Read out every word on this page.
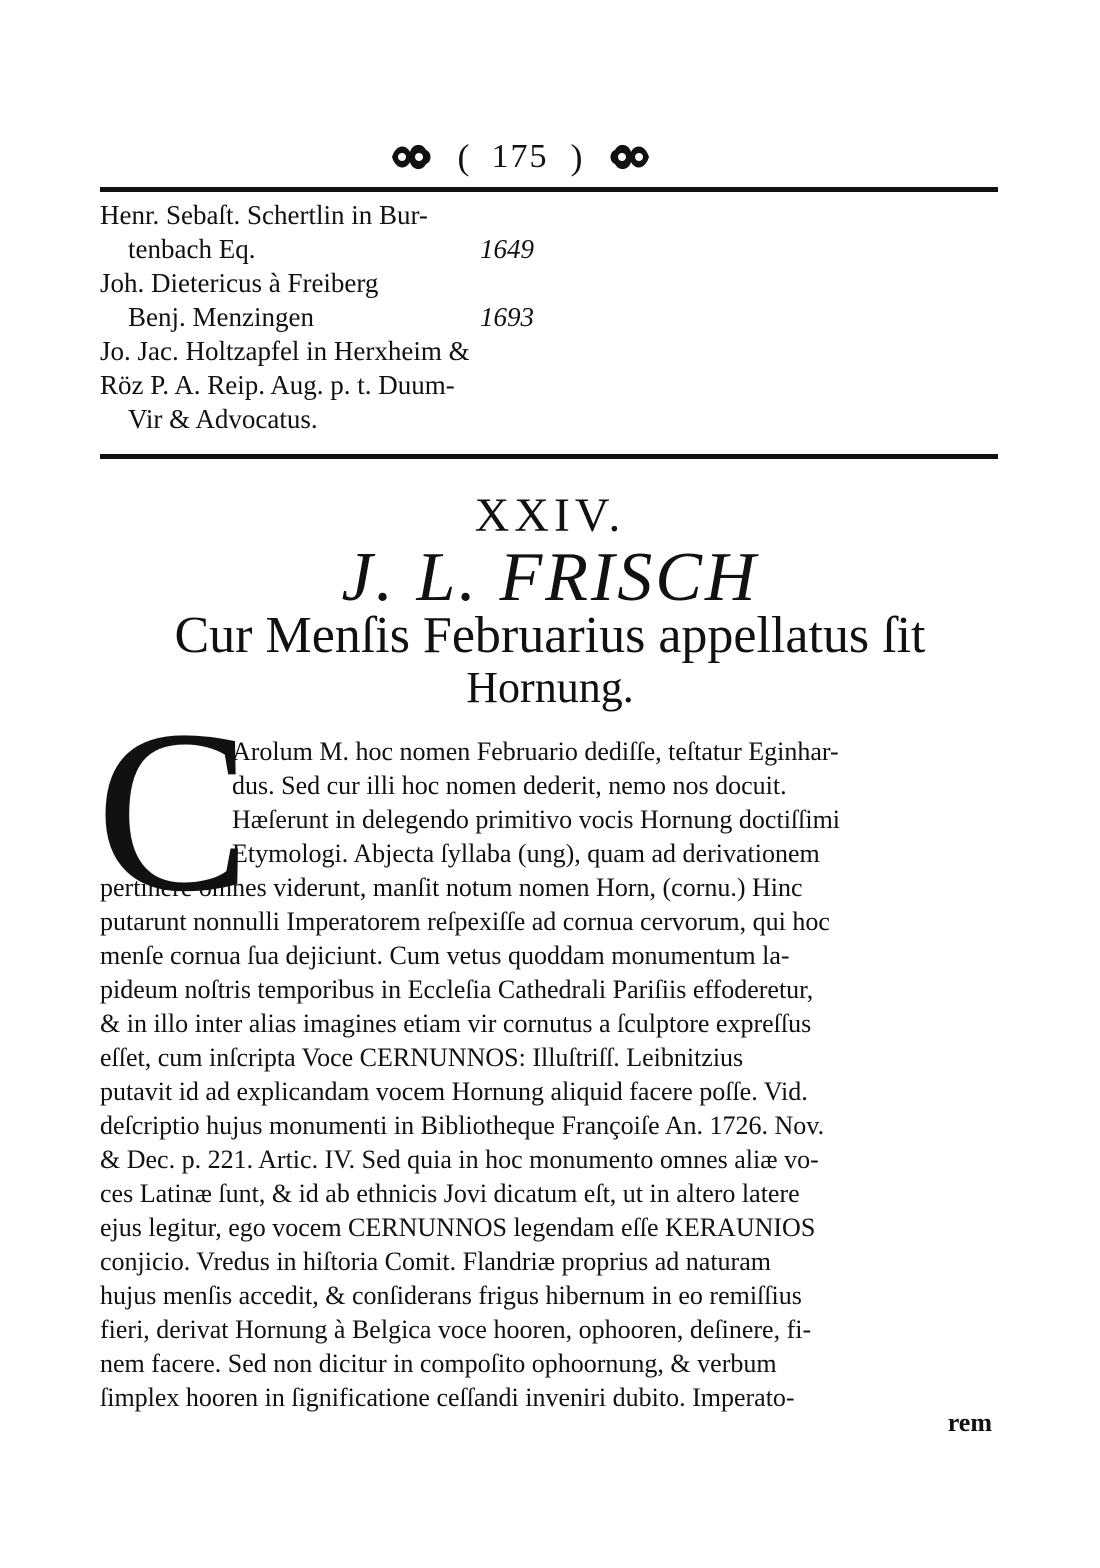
( 175 )
Henr. Sebaſt. Schertlin in Bur-
tenbach Eq.	1649
Joh. Dietericus à Freiberg
Benj. Menzingen	1693
Jo. Jac. Holtzapfel in Herxheim &
Röz P. A. Reip. Aug. p. t. Duum-
Vir & Advocatus.
XXIV.
J. L. FRISCH
Cur Menſis Februarius appellatus ſit
Hornung.
C
Arolum M. hoc nomen Februario dediſſe, teſtatur Eginhar-
dus. Sed cur illi hoc nomen dederit, nemo nos docuit.
Hæſerunt in delegendo primitivo vocis Hornung doctiſſimi
Etymologi. Abjecta ſyllaba (ung), quam ad derivationem
pertinere omnes viderunt, manſit notum nomen Horn, (cornu.) Hinc
putarunt nonnulli Imperatorem reſpexiſſe ad cornua cervorum, qui hoc
menſe cornua ſua dejiciunt. Cum vetus quoddam monumentum la-
pideum noſtris temporibus in Eccleſia Cathedrali Pariſiis effoderetur,
& in illo inter alias imagines etiam vir cornutus a ſculptore expreſſus
eſſet, cum inſcripta Voce CERNUNNOS: Illuſtriſſ. Leibnitzius
putavit id ad explicandam vocem Hornung aliquid facere poſſe. Vid.
deſcriptio hujus monumenti in Bibliotheque Françoiſe An. 1726. Nov.
& Dec. p. 221. Artic. IV. Sed quia in hoc monumento omnes aliæ vo-
ces Latinæ ſunt, & id ab ethnicis Jovi dicatum eſt, ut in altero latere
ejus legitur, ego vocem CERNUNNOS legendam eſſe KERAUNIOS
conjicio. Vredus in hiſtoria Comit. Flandriæ proprius ad naturam
hujus menſis accedit, & conſiderans frigus hibernum in eo remiſſius
fieri, derivat Hornung à Belgica voce hooren, ophooren, deſinere, fi-
nem facere. Sed non dicitur in compoſito ophoornung, & verbum
ſimplex hooren in ſignificatione ceſſandi inveniri dubito. Imperato-
rem
